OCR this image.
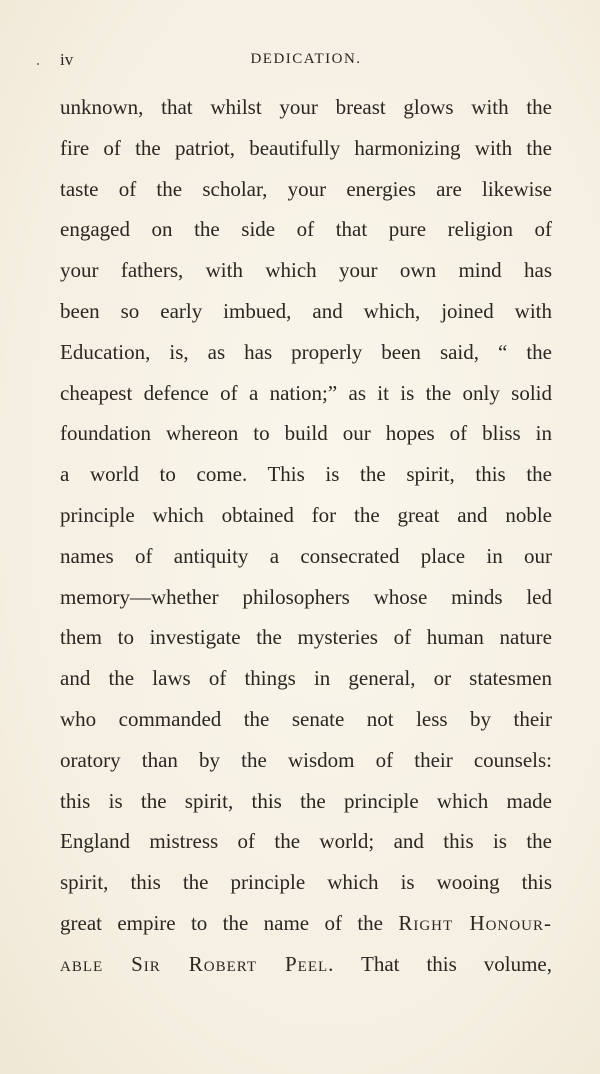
iv	DEDICATION.
unknown, that whilst your breast glows with the
fire of the patriot, beautifully harmonizing with the
taste of the scholar, your energies are likewise
engaged on the side of that pure religion of
your fathers, with which your own mind has
been so early imbued, and which, joined with
Education, is, as has properly been said, “ the
cheapest defence of a nation;” as it is the only solid
foundation whereon to build our hopes of bliss in
a world to come. This is the spirit, this the
principle which obtained for the great and noble
names of antiquity a consecrated place in our
memory—whether philosophers whose minds led
them to investigate the mysteries of human nature
and the laws of things in general, or statesmen
who commanded the senate not less by their
oratory than by the wisdom of their counsels:
this is the spirit, this the principle which made
England mistress of the world; and this is the
spirit, this the principle which is wooing this
great empire to the name of the Right Honour-
able Sir Robert Peel. That this volume,
